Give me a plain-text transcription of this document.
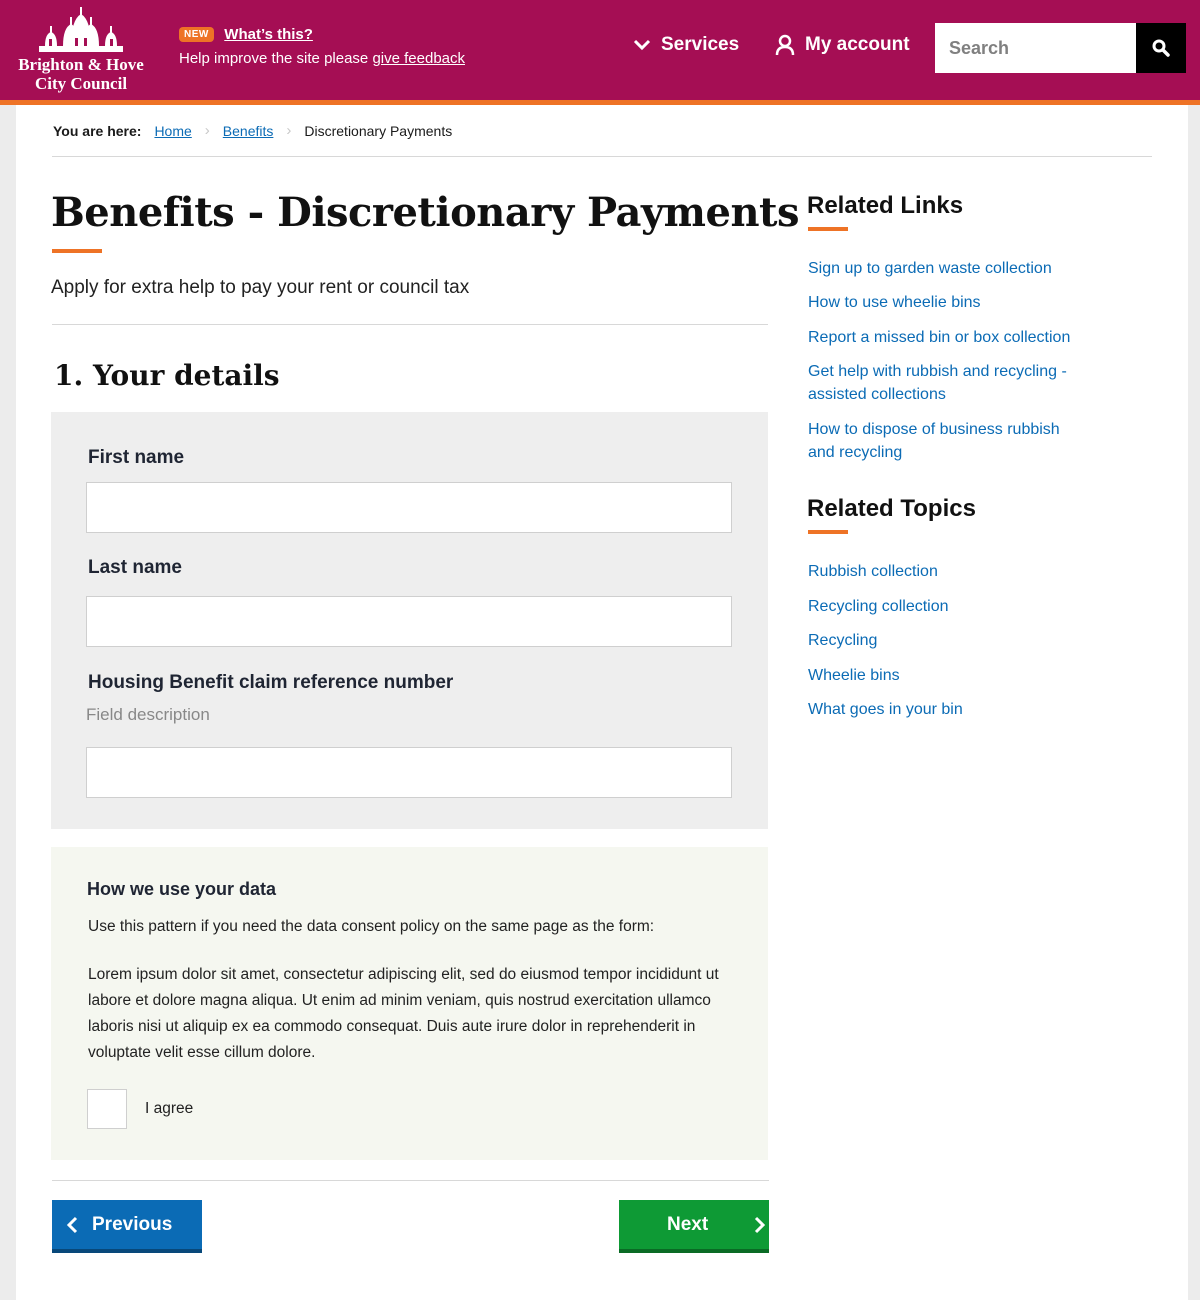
Brighton & Hove
City Council
NEW What’s this?
Help improve the site please give feedback
Services	My account
Search
You are here: Home › Benefits › Discretionary Payments
Benefits - Discretionary Payments

Apply for extra help to pay your rent or council tax

1. Your details
First name
Last name
Housing Benefit claim reference number
Field description
How we use your data

Use this pattern if you need the data consent policy on the same page as the form:

Lorem ipsum dolor sit amet, consectetur adipiscing elit, sed do eiusmod tempor incididunt ut labore et dolore magna aliqua. Ut enim ad minim veniam, quis nostrud exercitation ullamco laboris nisi ut aliquip ex ea commodo consequat. Duis aute irure dolor in reprehenderit in voluptate velit esse cillum dolore.

I agree
Previous	Next
Related Links
Sign up to garden waste collection
How to use wheelie bins
Report a missed bin or box collection
Get help with rubbish and recycling - assisted collections
How to dispose of business rubbish and recycling
Related Topics
Rubbish collection
Recycling collection
Recycling
Wheelie bins
What goes in your bin
